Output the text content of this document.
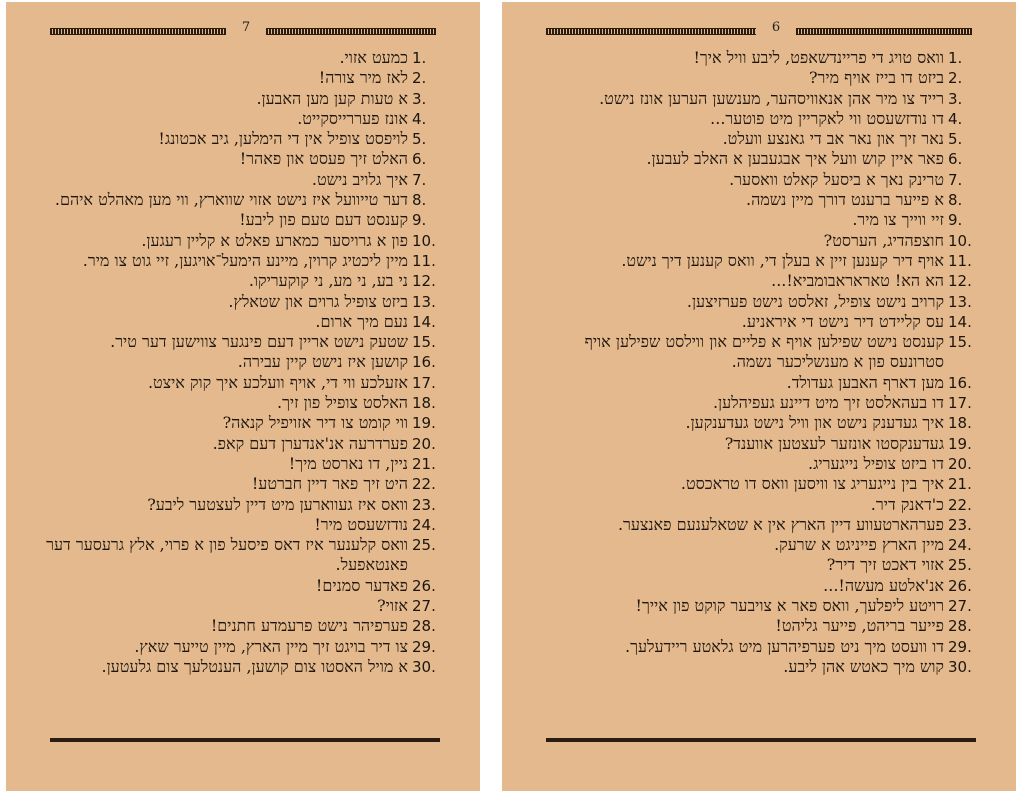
7
1.
כמעט אזוי.
2.
לאז מיר צורה!
3.
א טעות קען מען האבען.
4.
אונז פעררייסקייט.
5.
לויפסט צופיל אין די הימלען, גיב אכטונג!
6.
האלט זיך פעסט און פאהר!
7.
איך גלויב נישט.
8.
דער טייוועל איז נישט אזוי שווארץ, ווי מען מאהלט איהם.
9.
קענסט דעם טעם פון ליבע!
10.
פון א גרויסער כמארע פאלט א קליין רעגען.
11.
מיין ליכטיג קרוין, מיינע הימעל־אויגען, זיי גוט צו מיר.
12.
ני בע, ני מע, ני קוקעריקו.
13.
ביזט צופיל גרוים און שטאלץ.
14.
נעם מיך ארום.
15.
שטעק נישט אריין דעם פינגער צווישען דער טיר.
16.
קושען איז נישט קיין עבירה.
17.
אזעלכע ווי די, אויף וועלכע איך קוק איצט.
18.
האלסט צופיל פון זיך.
19.
ווי קומט צו דיר אזויפיל קנאה?
20.
פערדרעה אנ'אנדערן דעם קאפ.
21.
ניין, דו נארסט מיך!
22.
היט זיך פאר דיין חברטע!
23.
וואס איז געווארען מיט דיין לעצטער ליבע?
24.
נודזשעסט מיר!
25.
וואס קלענער איז דאס פיסעל פון א פרוי, אלץ גרעסער דער פאנטאפעל.
26.
פאדער סמנים!
27.
אזוי?
28.
פערפיהר נישט פרעמדע חתנים!
29.
צו דיר בויגט זיך מיין הארץ, מיין טייער שאץ.
30.
א מויל האסטו צום קושען, הענטלעך צום גלעטען.
6
1.
וואס טויג די פריינדשאפט, ליבע וויל איך!
2.
ביזט דו בייז אויף מיר?
3.
רייד צו מיר אהן אנאוויסהער, מענשען הערען אונז נישט.
4.
דו נודזשעסט ווי לאקריין מיט פוטער...
5.
נאר זיך און נאר אב די גאנצע וועלט.
6.
פאר איין קוש וועל איך אבגעבען א האלב לעבען.
7.
טרינק נאך א ביסעל קאלט וואסער.
8.
א פייער ברענט דורך מיין נשמה.
9.
זיי ווייך צו מיר.
10.
חוצפהדיג, הערסט?
11.
אויף דיר קענען זיין א בעלן די, וואס קענען דיך נישט.
12.
הא הא! טאראראבומביא!...
13.
קרויב נישט צופיל, זאלסט נישט פערזיצען.
14.
עס קליידט דיר נישט די איראניע.
15.
קענסט נישט שפילען אויף א פליים און ווילסט שפילען אויף סטרונעס פון א מענשליכער נשמה.
16.
מען דארף האבען געדולד.
17.
דו בעהאלסט זיך מיט דיינע געפיהלען.
18.
איך געדענק נישט און וויל נישט געדענקען.
19.
געדענקסטו אונזער לעצטען אווענד?
20.
דו ביזט צופיל נייגעריג.
21.
איך בין נייגעריג צו וויסען וואס דו טראכסט.
22.
כ'דאנק דיר.
23.
פערהארטעווע דיין הארץ אין א שטאלענעם פאנצער.
24.
מיין הארץ פייניגט א שרעק.
25.
אזוי דאכט זיך דיר?
26.
אנ'אלטע מעשה!...
27.
רויטע ליפלעך, וואס פאר א צויבער קוקט פון אייך!
28.
פייער בריהט, פייער גליהט!
29.
דו וועסט מיך ניט פערפיהרען מיט גלאטע ריידעלעך.
30.
קוש מיך כאטש אהן ליבע.
